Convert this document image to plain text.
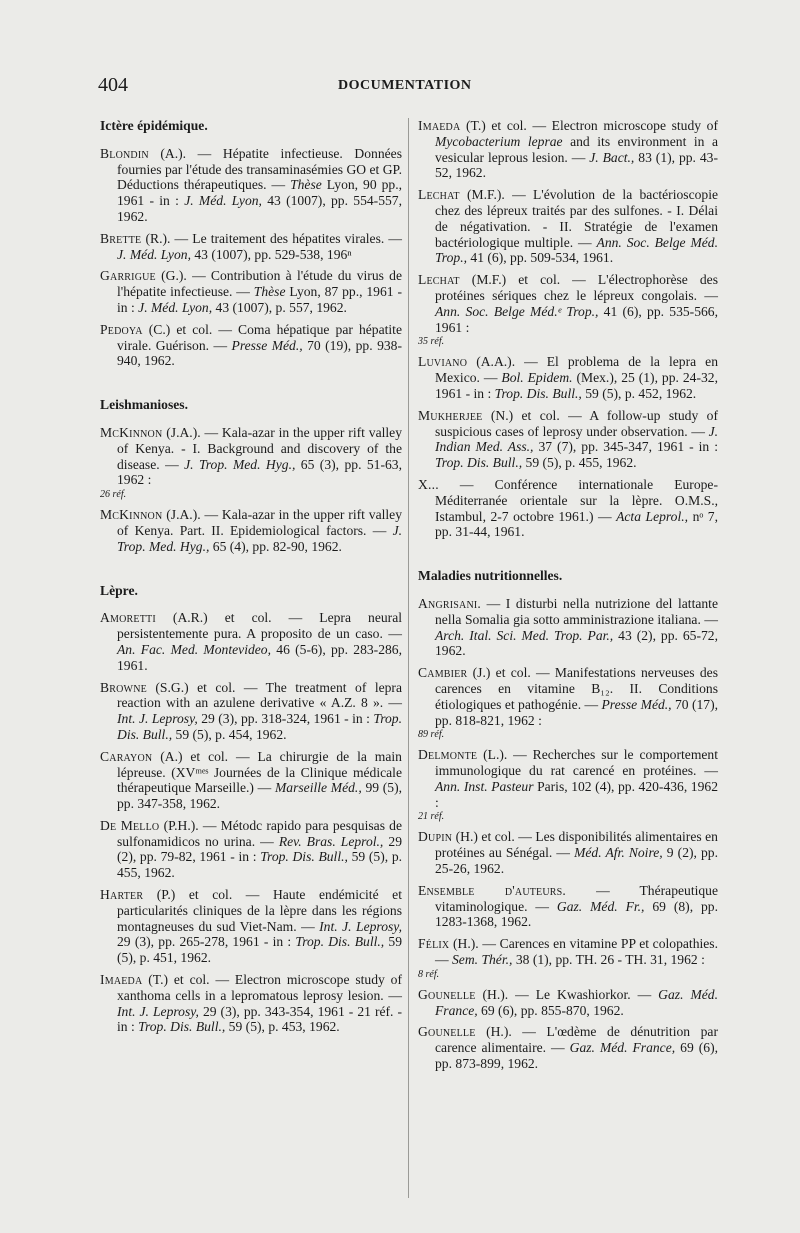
404	DOCUMENTATION
Ictère épidémique.
Blondin (A.). — Hépatite infectieuse. Données fournies par l'étude des transaminasémies GO et GP. Déductions thérapeutiques. — Thèse Lyon, 90 pp., 1961 - in : J. Méd. Lyon, 43 (1007), pp. 554-557, 1962.
Brette (R.). — Le traitement des hépatites virales. — J. Méd. Lyon, 43 (1007), pp. 529-538, 196ⁿ
Garrigue (G.). — Contribution à l'étude du virus de l'hépatite infectieuse. — Thèse Lyon, 87 pp., 1961 - in : J. Méd. Lyon, 43 (1007), p. 557, 1962.
Pedoya (C.) et col. — Coma hépatique par hépatite virale. Guérison. — Presse Méd., 70 (19), pp. 938-940, 1962.
Leishmanioses.
McKinnon (J.A.). — Kala-azar in the upper rift valley of Kenya. - I. Background and discovery of the disease. — J. Trop. Med. Hyg., 65 (3), pp. 51-63, 1962 :
26 réf.
McKinnon (J.A.). — Kala-azar in the upper rift valley of Kenya. Part. II. Epidemiological factors. — J. Trop. Med. Hyg., 65 (4), pp. 82-90, 1962.
Lèpre.
Amoretti (A.R.) et col. — Lepra neural persistentemente pura. A proposito de un caso. — An. Fac. Med. Montevideo, 46 (5-6), pp. 283-286, 1961.
Browne (S.G.) et col. — The treatment of lepra reaction with an azulene derivative « A.Z. 8 ». — Int. J. Leprosy, 29 (3), pp. 318-324, 1961 - in : Trop. Dis. Bull., 59 (5), p. 454, 1962.
Carayon (A.) et col. — La chirurgie de la main lépreuse. (XVᵐᵉˢ Journées de la Clinique médicale thérapeutique Marseille.) — Marseille Méd., 99 (5), pp. 347-358, 1962.
De Mello (P.H.). — Métodc rapido para pesquisas de sulfonamidicos no urina. — Rev. Bras. Leprol., 29 (2), pp. 79-82, 1961 - in : Trop. Dis. Bull., 59 (5), p. 455, 1962.
Harter (P.) et col. — Haute endémicité et particularités cliniques de la lèpre dans les régions montagneuses du sud Viet-Nam. — Int. J. Leprosy, 29 (3), pp. 265-278, 1961 - in : Trop. Dis. Bull., 59 (5), p. 451, 1962.
Imaeda (T.) et col. — Electron microscope study of xanthoma cells in a lepromatous leprosy lesion. — Int. J. Leprosy, 29 (3), pp. 343-354, 1961 - 21 réf. - in : Trop. Dis. Bull., 59 (5), p. 453, 1962.
Imaeda (T.) et col. — Electron microscope study of Mycobacterium leprae and its environment in a vesicular leprous lesion. — J. Bact., 83 (1), pp. 43-52, 1962.
Lechat (M.F.). — L'évolution de la bactérioscopie chez des lépreux traités par des sulfones. - I. Délai de négativation. - II. Stratégie de l'examen bactériologique multiple. — Ann. Soc. Belge Méd. Trop., 41 (6), pp. 509-534, 1961.
Lechat (M.F.) et col. — L'électrophorèse des protéines sériques chez le lépreux congolais. — Ann. Soc. Belge Méd.ᵉ Trop., 41 (6), pp. 535-566, 1961 :
35 réf.
Luviano (A.A.). — El problema de la lepra en Mexico. — Bol. Epidem. (Mex.), 25 (1), pp. 24-32, 1961 - in : Trop. Dis. Bull., 59 (5), p. 452, 1962.
Mukherjee (N.) et col. — A follow-up study of suspicious cases of leprosy under observation. — J. Indian Med. Ass., 37 (7), pp. 345-347, 1961 - in : Trop. Dis. Bull., 59 (5), p. 455, 1962.
X... — Conférence internationale Europe-Méditerranée orientale sur la lèpre. O.M.S., Istambul, 2-7 octobre 1961.) — Acta Leprol., nᵒ 7, pp. 31-44, 1961.
Maladies nutritionnelles.
Angrisani. — I disturbi nella nutrizione del lattante nella Somalia gia sotto amministrazione italiana. — Arch. Ital. Sci. Med. Trop. Par., 43 (2), pp. 65-72, 1962.
Cambier (J.) et col. — Manifestations nerveuses des carences en vitamine B₁₂. II. Conditions étiologiques et pathogénie. — Presse Méd., 70 (17), pp. 818-821, 1962 :
89 réf.
Delmonte (L.). — Recherches sur le comportement immunologique du rat carencé en protéines. — Ann. Inst. Pasteur Paris, 102 (4), pp. 420-436, 1962 :
21 réf.
Dupin (H.) et col. — Les disponibilités alimentaires en protéines au Sénégal. — Méd. Afr. Noire, 9 (2), pp. 25-26, 1962.
Ensemble d'auteurs. — Thérapeutique vitaminologique. — Gaz. Méd. Fr., 69 (8), pp. 1283-1368, 1962.
Félix (H.). — Carences en vitamine PP et colopathies. — Sem. Thér., 38 (1), pp. TH. 26 - TH. 31, 1962 :
8 réf.
Gounelle (H.). — Le Kwashiorkor. — Gaz. Méd. France, 69 (6), pp. 855-870, 1962.
Gounelle (H.). — L'œdème de dénutrition par carence alimentaire. — Gaz. Méd. France, 69 (6), pp. 873-899, 1962.
